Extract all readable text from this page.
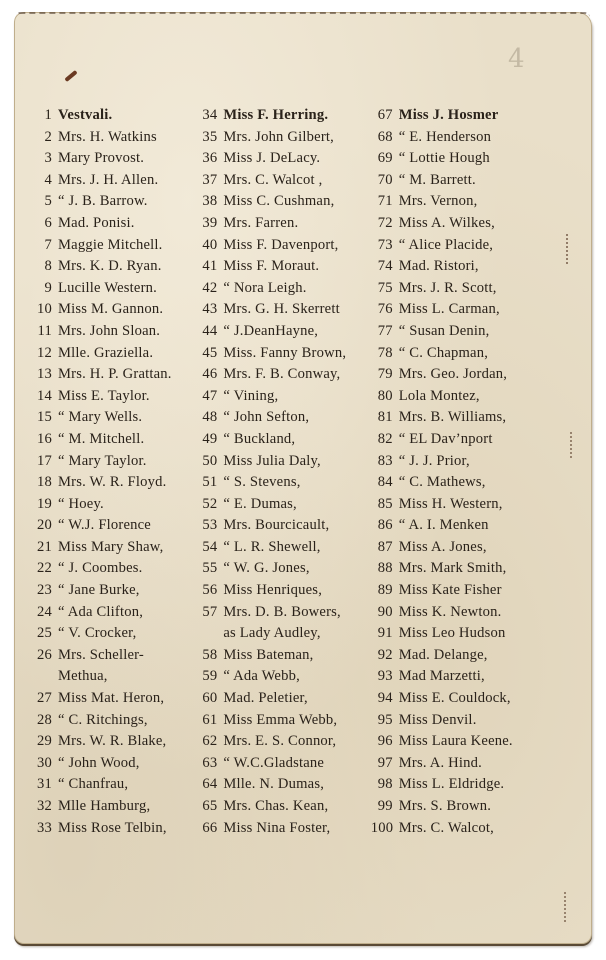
4
1 Vestvali.
2 Mrs. H. Watkins
3 Mary Provost.
4 Mrs. J. H. Allen.
5 “ J. B. Barrow.
6 Mad. Ponisi.
7 Maggie Mitchell.
8 Mrs. K. D. Ryan.
9 Lucille Western.
10 Miss M. Gannon.
11 Mrs. John Sloan.
12 Mlle. Graziella.
13 Mrs. H. P. Grattan.
14 Miss E. Taylor.
15 “ Mary Wells.
16 “ M. Mitchell.
17 “ Mary Taylor.
18 Mrs. W. R. Floyd.
19 “ Hoey.
20 “ W.J. Florence
21 Miss Mary Shaw,
22 “ J. Coombes.
23 “ Jane Burke,
24 “ Ada Clifton,
25 “ V. Crocker,
26 Mrs. Scheller-
Methua,
27 Miss Mat. Heron,
28 “ C. Ritchings,
29 Mrs. W. R. Blake,
30 “ John Wood,
31 “ Chanfrau,
32 Mlle Hamburg,
33 Miss Rose Telbin,
34 Miss F. Herring.
35 Mrs. John Gilbert,
36 Miss J. DeLacy.
37 Mrs. C. Walcot ,
38 Miss C. Cushman,
39 Mrs. Farren.
40 Miss F. Davenport,
41 Miss F. Moraut.
42 “ Nora Leigh.
43 Mrs. G. H. Skerrett
44 “ J.DeanHayne,
45 Miss. Fanny Brown,
46 Mrs. F. B. Conway,
47 “ Vining,
48 “ John Sefton,
49 “ Buckland,
50 Miss Julia Daly,
51 “ S. Stevens,
52 “ E. Dumas,
53 Mrs. Bourcicault,
54 “ L. R. Shewell,
55 “ W. G. Jones,
56 Miss Henriques,
57 Mrs. D. B. Bowers,
as Lady Audley,
58 Miss Bateman,
59 “ Ada Webb,
60 Mad. Peletier,
61 Miss Emma Webb,
62 Mrs. E. S. Connor,
63 “ W.C.Gladstane
64 Mlle. N. Dumas,
65 Mrs. Chas. Kean,
66 Miss Nina Foster,
67 Miss J. Hosmer
68 “ E. Henderson
69 “ Lottie Hough
70 “ M. Barrett.
71 Mrs. Vernon,
72 Miss A. Wilkes,
73 “ Alice Placide,
74 Mad. Ristori,
75 Mrs. J. R. Scott,
76 Miss L. Carman,
77 “ Susan Denin,
78 “ C. Chapman,
79 Mrs. Geo. Jordan,
80 Lola Montez,
81 Mrs. B. Williams,
82 “ EL Dav’nport
83 “ J. J. Prior,
84 “ C. Mathews,
85 Miss H. Western,
86 “ A. I. Menken
87 Miss A. Jones,
88 Mrs. Mark Smith,
89 Miss Kate Fisher
90 Miss K. Newton.
91 Miss Leo Hudson
92 Mad. Delange,
93 Mad Marzetti,
94 Miss E. Couldock,
95 Miss Denvil.
96 Miss Laura Keene.
97 Mrs. A. Hind.
98 Miss L. Eldridge.
99 Mrs. S. Brown.
100 Mrs. C. Walcot,
